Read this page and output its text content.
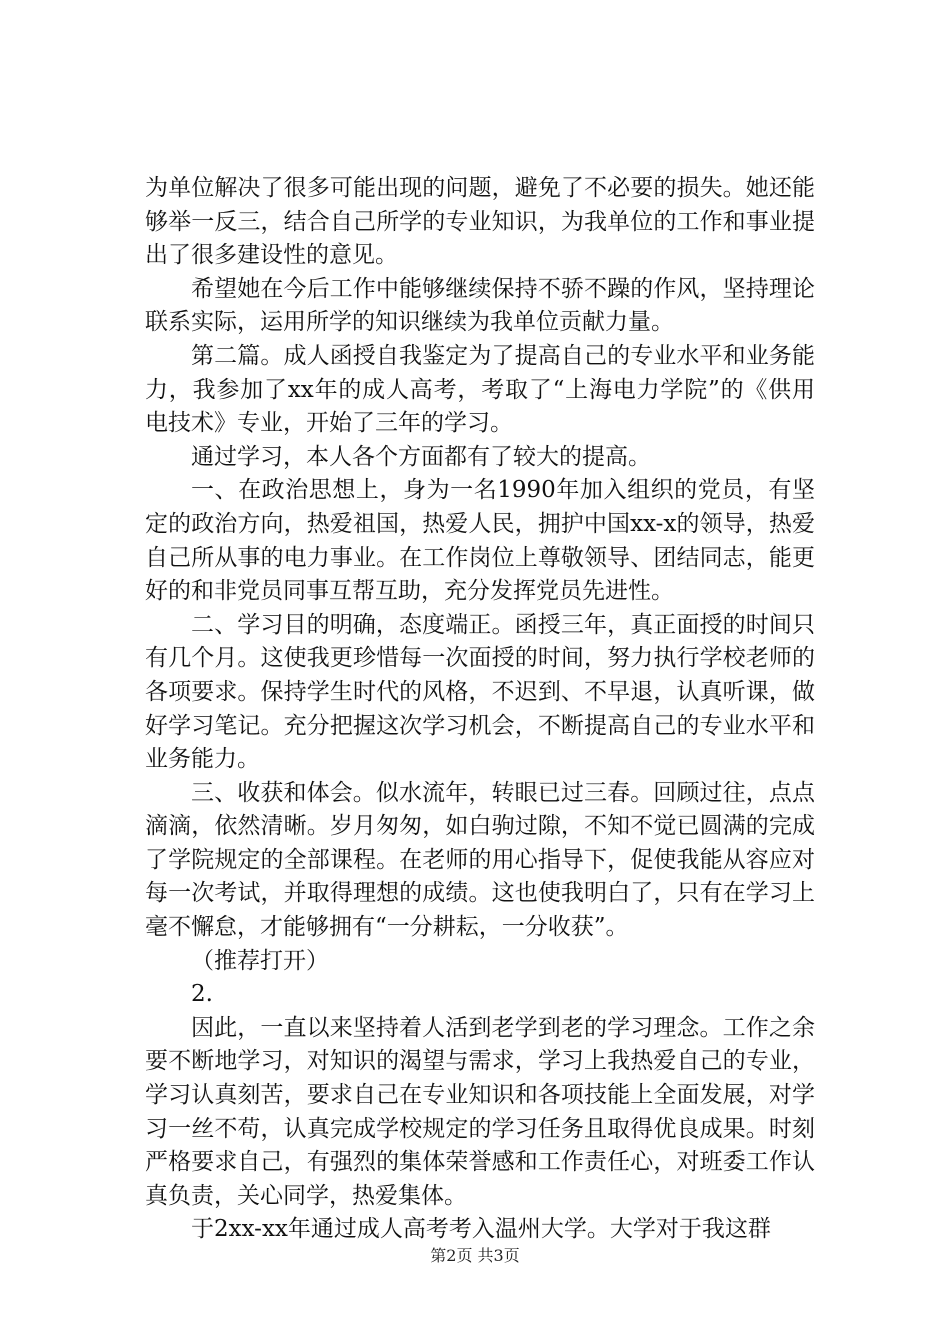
为单位解决了很多可能出现的问题，避免了不必要的损失。她还能够举一反三，结合自己所学的专业知识，为我单位的工作和事业提出了很多建设性的意见。

希望她在今后工作中能够继续保持不骄不躁的作风，坚持理论联系实际，运用所学的知识继续为我单位贡献力量。

第二篇。成人函授自我鉴定为了提高自己的专业水平和业务能力，我参加了xx年的成人高考，考取了“上海电力学院”的《供用电技术》专业，开始了三年的学习。

通过学习，本人各个方面都有了较大的提高。

一、在政治思想上，身为一名1990年加入组织的党员，有坚定的政治方向，热爱祖国，热爱人民，拥护中国xx-x的领导，热爱自己所从事的电力事业。在工作岗位上尊敬领导、团结同志，能更好的和非党员同事互帮互助，充分发挥党员先进性。

二、学习目的明确，态度端正。函授三年，真正面授的时间只有几个月。这使我更珍惜每一次面授的时间，努力执行学校老师的各项要求。保持学生时代的风格，不迟到、不早退，认真听课，做好学习笔记。充分把握这次学习机会，不断提高自己的专业水平和业务能力。

三、收获和体会。似水流年，转眼已过三春。回顾过往，点点滴滴，依然清晰。岁月匆匆，如白驹过隙，不知不觉已圆满的完成了学院规定的全部课程。在老师的用心指导下，促使我能从容应对每一次考试，并取得理想的成绩。这也使我明白了，只有在学习上毫不懈怠，才能够拥有“一分耕耘，一分收获”。

（推荐打开）

2.

因此，一直以来坚持着人活到老学到老的学习理念。工作之余要不断地学习，对知识的渴望与需求，学习上我热爱自己的专业，学习认真刻苦，要求自己在专业知识和各项技能上全面发展，对学习一丝不苟，认真完成学校规定的学习任务且取得优良成果。时刻严格要求自己，有强烈的集体荣誉感和工作责任心，对班委工作认真负责，关心同学，热爱集体。

于2xx-xx年通过成人高考考入温州大学。大学对于我这群

第2页 共3页
